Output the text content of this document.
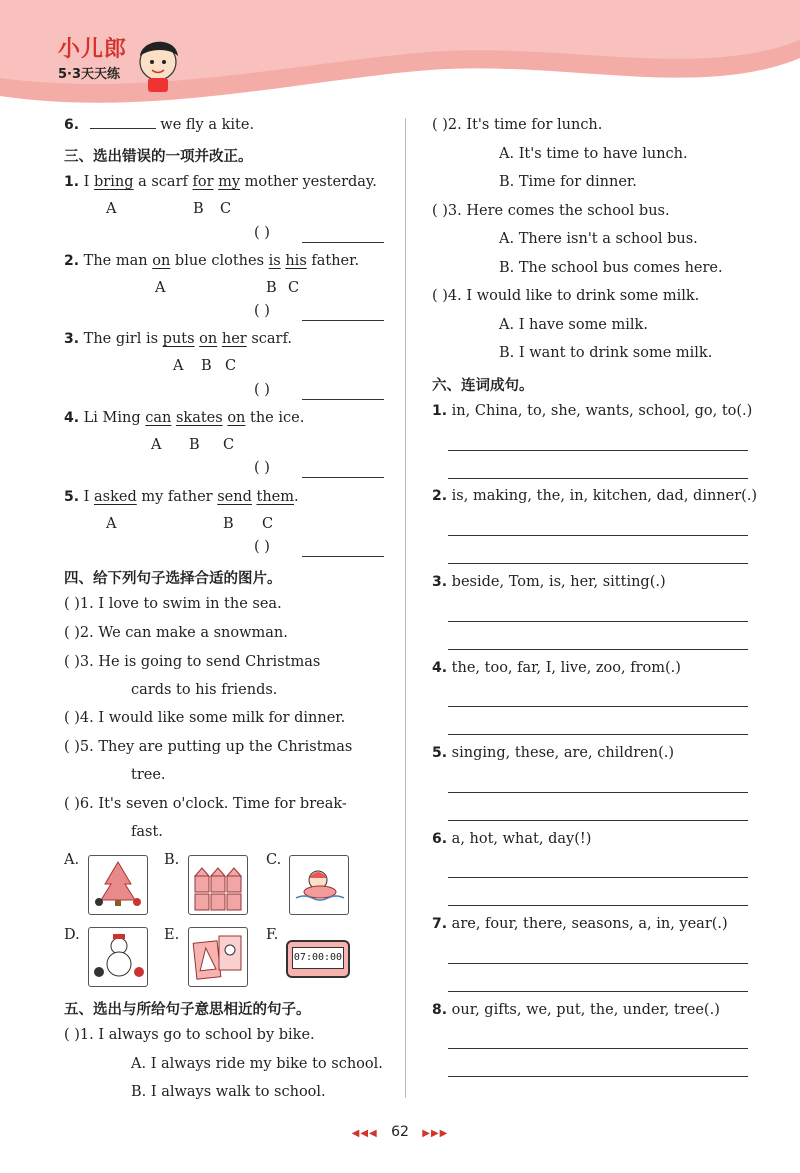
小儿郎
5·3天天练
6.	we fly a kite.
三、选出错误的一项并改正。
1. I bring a scarf for my mother yesterday.
A	B C
( )
2. The man on blue clothes is his father.
A	B C
( )
3. The girl is puts on her scarf.
A B C
( )
4. Li Ming can skates on the ice.
A B C
( )
5. I asked my father send them.
A	B C
( )
四、给下列句子选择合适的图片。
( )1. I love to swim in the sea.
( )2. We can make a snowman.
( )3. He is going to send Christmas
cards to his friends.
( )4. I would like some milk for dinner.
( )5. They are putting up the Christmas
tree.
( )6. It's seven o'clock. Time for break-
fast.
A.	B.	C.
D.	E.	F.
07:00:00
五、选出与所给句子意思相近的句子。
( )1. I always go to school by bike.
A. I always ride my bike to school.
B. I always walk to school.
( )2. It's time for lunch.
A. It's time to have lunch.
B. Time for dinner.
( )3. Here comes the school bus.
A. There isn't a school bus.
B. The school bus comes here.
( )4. I would like to drink some milk.
A. I have some milk.
B. I want to drink some milk.
六、连词成句。
1. in, China, to, she, wants, school, go, to(.)
2. is, making, the, in, kitchen, dad, dinner(.)
3. beside, Tom, is, her, sitting(.)
4. the, too, far, I, live, zoo, from(.)
5. singing, these, are, children(.)
6. a, hot, what, day(!)
7. are, four, there, seasons, a, in, year(.)
8. our, gifts, we, put, the, under, tree(.)
◀◀◀ 62 ▶▶▶
